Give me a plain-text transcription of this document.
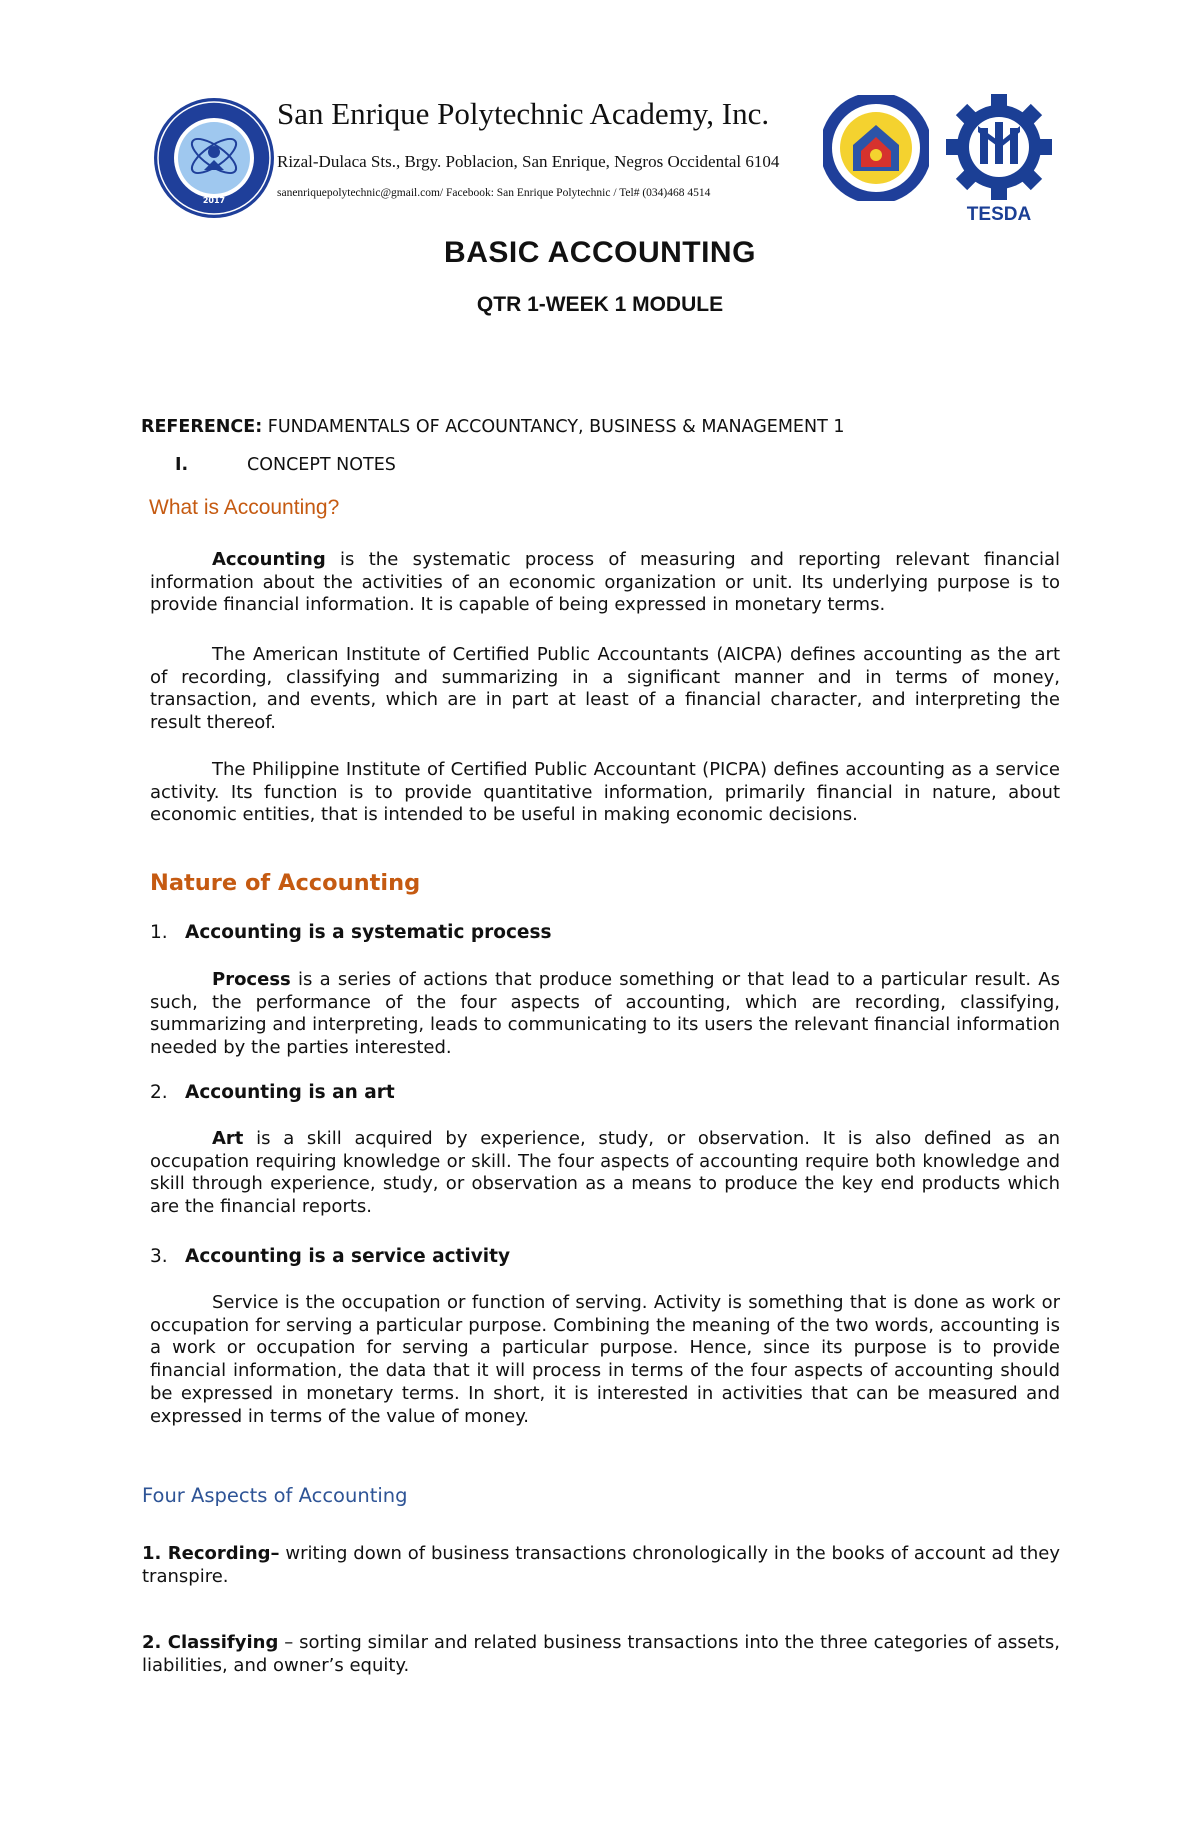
2017
San Enrique Polytechnic Academy, Inc.
Rizal-Dulaca Sts., Brgy. Poblacion, San Enrique, Negros Occidental 6104
sanenriquepolytechnic@gmail.com/ Facebook: San Enrique Polytechnic / Tel# (034)468 4514
TESDA
BASIC ACCOUNTING
QTR 1-WEEK 1 MODULE
REFERENCE: FUNDAMENTALS OF ACCOUNTANCY, BUSINESS & MANAGEMENT 1
I.	CONCEPT NOTES
What is Accounting?

Accounting is the systematic process of measuring and reporting relevant financial information about the activities of an economic organization or unit. Its underlying purpose is to provide financial information. It is capable of being expressed in monetary terms.

The American Institute of Certified Public Accountants (AICPA) defines accounting as the art of recording, classifying and summarizing in a significant manner and in terms of money, transaction, and events, which are in part at least of a financial character, and interpreting the result thereof.

The Philippine Institute of Certified Public Accountant (PICPA) defines accounting as a service activity. Its function is to provide quantitative information, primarily financial in nature, about economic entities, that is intended to be useful in making economic decisions.

Nature of Accounting
1. Accounting is a systematic process

Process is a series of actions that produce something or that lead to a particular result. As such, the performance of the four aspects of accounting, which are recording, classifying, summarizing and interpreting, leads to communicating to its users the relevant financial information needed by the parties interested.

2. Accounting is an art

Art is a skill acquired by experience, study, or observation. It is also defined as an occupation requiring knowledge or skill. The four aspects of accounting require both knowledge and skill through experience, study, or observation as a means to produce the key end products which are the financial reports.

3. Accounting is a service activity

Service is the occupation or function of serving. Activity is something that is done as work or occupation for serving a particular purpose. Combining the meaning of the two words, accounting is a work or occupation for serving a particular purpose. Hence, since its purpose is to provide financial information, the data that it will process in terms of the four aspects of accounting should be expressed in monetary terms. In short, it is interested in activities that can be measured and expressed in terms of the value of money.

Four Aspects of Accounting

1. Recording– writing down of business transactions chronologically in the books of account ad they transpire.

2. Classifying – sorting similar and related business transactions into the three categories of assets, liabilities, and owner’s equity.
